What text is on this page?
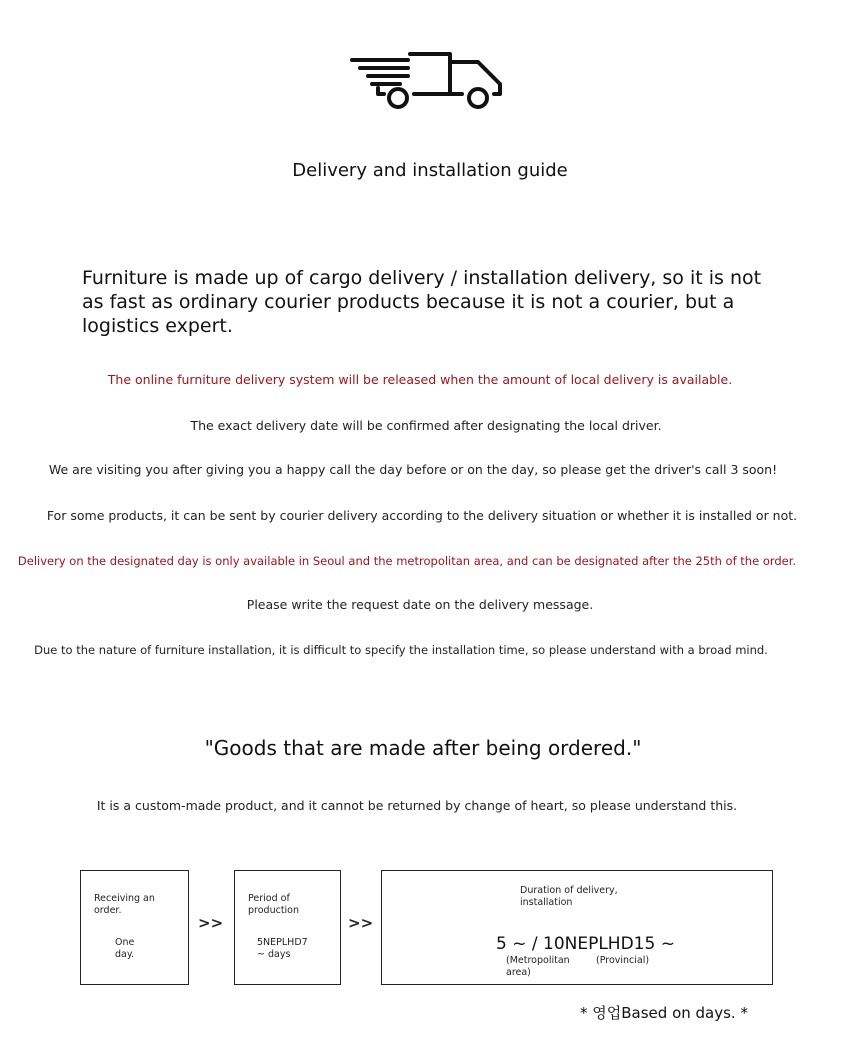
Delivery and installation guide
Furniture is made up of cargo delivery / installation delivery, so it is not as fast as ordinary courier products because it is not a courier, but a logistics expert.
The online furniture delivery system will be released when the amount of local delivery is available.
The exact delivery date will be confirmed after designating the local driver.
We are visiting you after giving you a happy call the day before or on the day, so please get the driver's call 3 soon!
For some products, it can be sent by courier delivery according to the delivery situation or whether it is installed or not.
Delivery on the designated day is only available in Seoul and the metropolitan area, and can be designated after the 25th of the order.
Please write the request date on the delivery message.
Due to the nature of furniture installation, it is difficult to specify the installation time, so please understand with a broad mind.
"Goods that are made after being ordered."
It is a custom-made product, and it cannot be returned by change of heart, so please understand this.
Receiving an order.
One day.
>>
Period of production
5NEPLHD7 ~ days
>>
Duration of delivery, installation
5 ~ / 10NEPLHD15 ~
(Metropolitan area)
(Provincial)
* 영업Based on days. *
